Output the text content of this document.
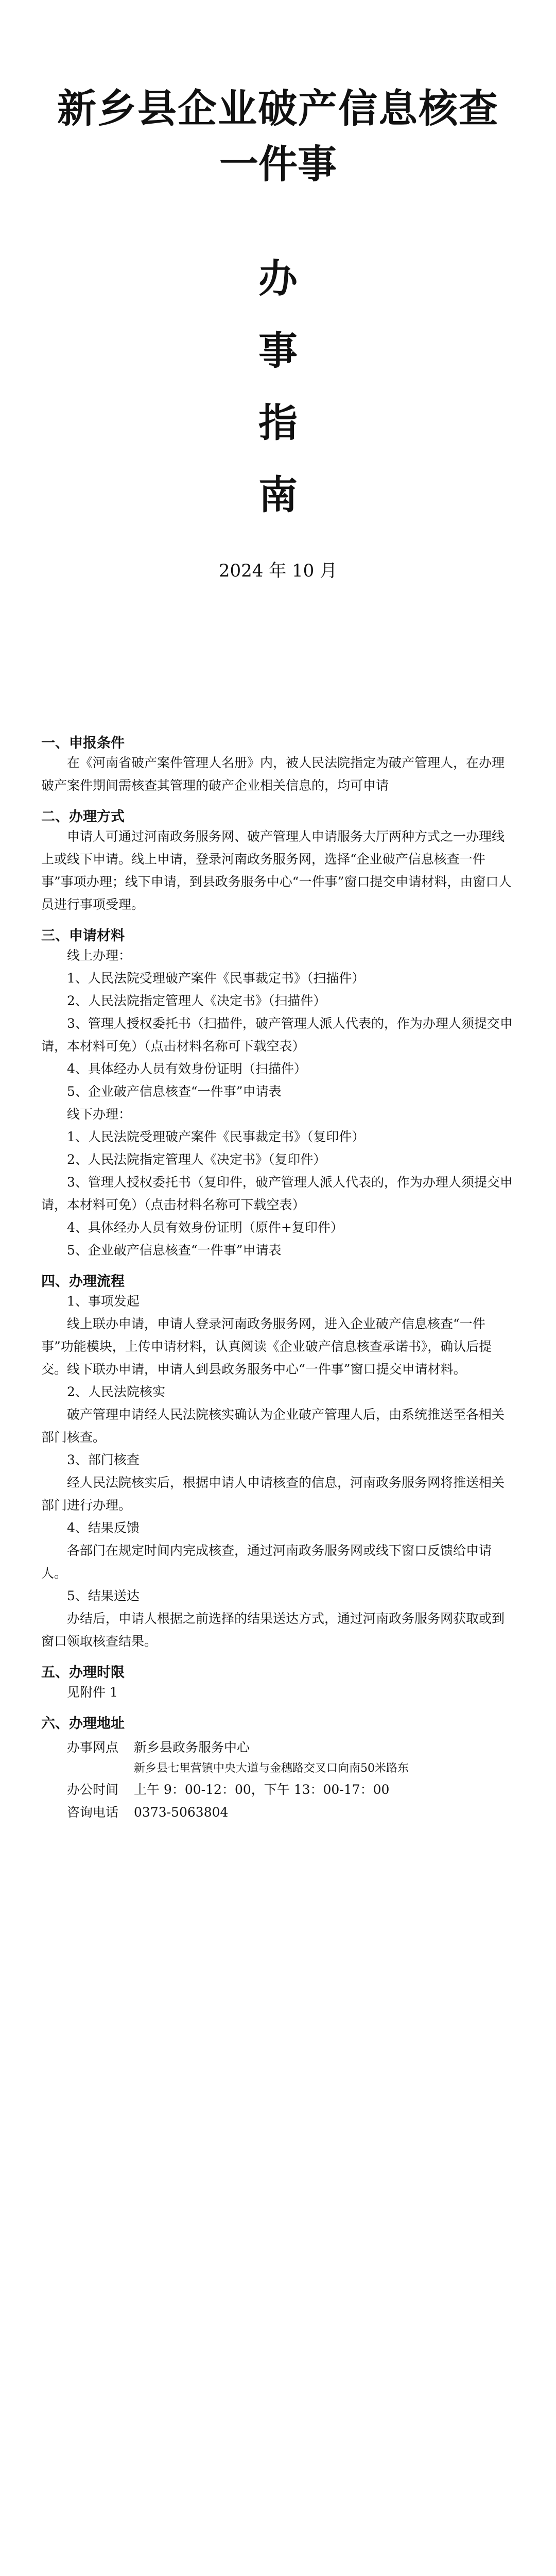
新乡县企业破产信息核查
一件事
办
事
指
南
2024 年 10 月
一、申报条件
在《河南省破产案件管理人名册》内，被人民法院指定为破产管理人，在办理破产案件期间需核查其管理的破产企业相关信息的，均可申请
二、办理方式
申请人可通过河南政务服务网、破产管理人申请服务大厅两种方式之一办理线上或线下申请。线上申请，登录河南政务服务网，选择“企业破产信息核查一件事”事项办理；线下申请，到县政务服务中心“一件事”窗口提交申请材料，由窗口人员进行事项受理。
三、申请材料
线上办理：
1、人民法院受理破产案件《民事裁定书》（扫描件）
2、人民法院指定管理人《决定书》（扫描件）
3、管理人授权委托书（扫描件，破产管理人派人代表的，作为办理人须提交申请，本材料可免）（点击材料名称可下载空表）
4、具体经办人员有效身份证明（扫描件）
5、企业破产信息核查“一件事”申请表
线下办理：
1、人民法院受理破产案件《民事裁定书》（复印件）
2、人民法院指定管理人《决定书》（复印件）
3、管理人授权委托书（复印件，破产管理人派人代表的，作为办理人须提交申请，本材料可免）（点击材料名称可下载空表）
4、具体经办人员有效身份证明（原件+复印件）
5、企业破产信息核查“一件事”申请表
四、办理流程
1、事项发起
线上联办申请，申请人登录河南政务服务网，进入企业破产信息核查“一件事”功能模块，上传申请材料，认真阅读《企业破产信息核查承诺书》，确认后提交。线下联办申请，申请人到县政务服务中心“一件事”窗口提交申请材料。
2、人民法院核实
破产管理申请经人民法院核实确认为企业破产管理人后，由系统推送至各相关部门核查。
3、部门核查
经人民法院核实后，根据申请人申请核查的信息，河南政务服务网将推送相关部门进行办理。
4、结果反馈
各部门在规定时间内完成核查，通过河南政务服务网或线下窗口反馈给申请人。
5、结果送达
办结后，申请人根据之前选择的结果送达方式，通过河南政务服务网获取或到窗口领取核查结果。
五、办理时限
见附件 1
六、办理地址
办事网点 新乡县政务服务中心
新乡县七里营镇中央大道与金穗路交叉口向南50米路东
办公时间 上午 9：00-12：00，下午 13：00-17：00
咨询电话 0373-5063804
